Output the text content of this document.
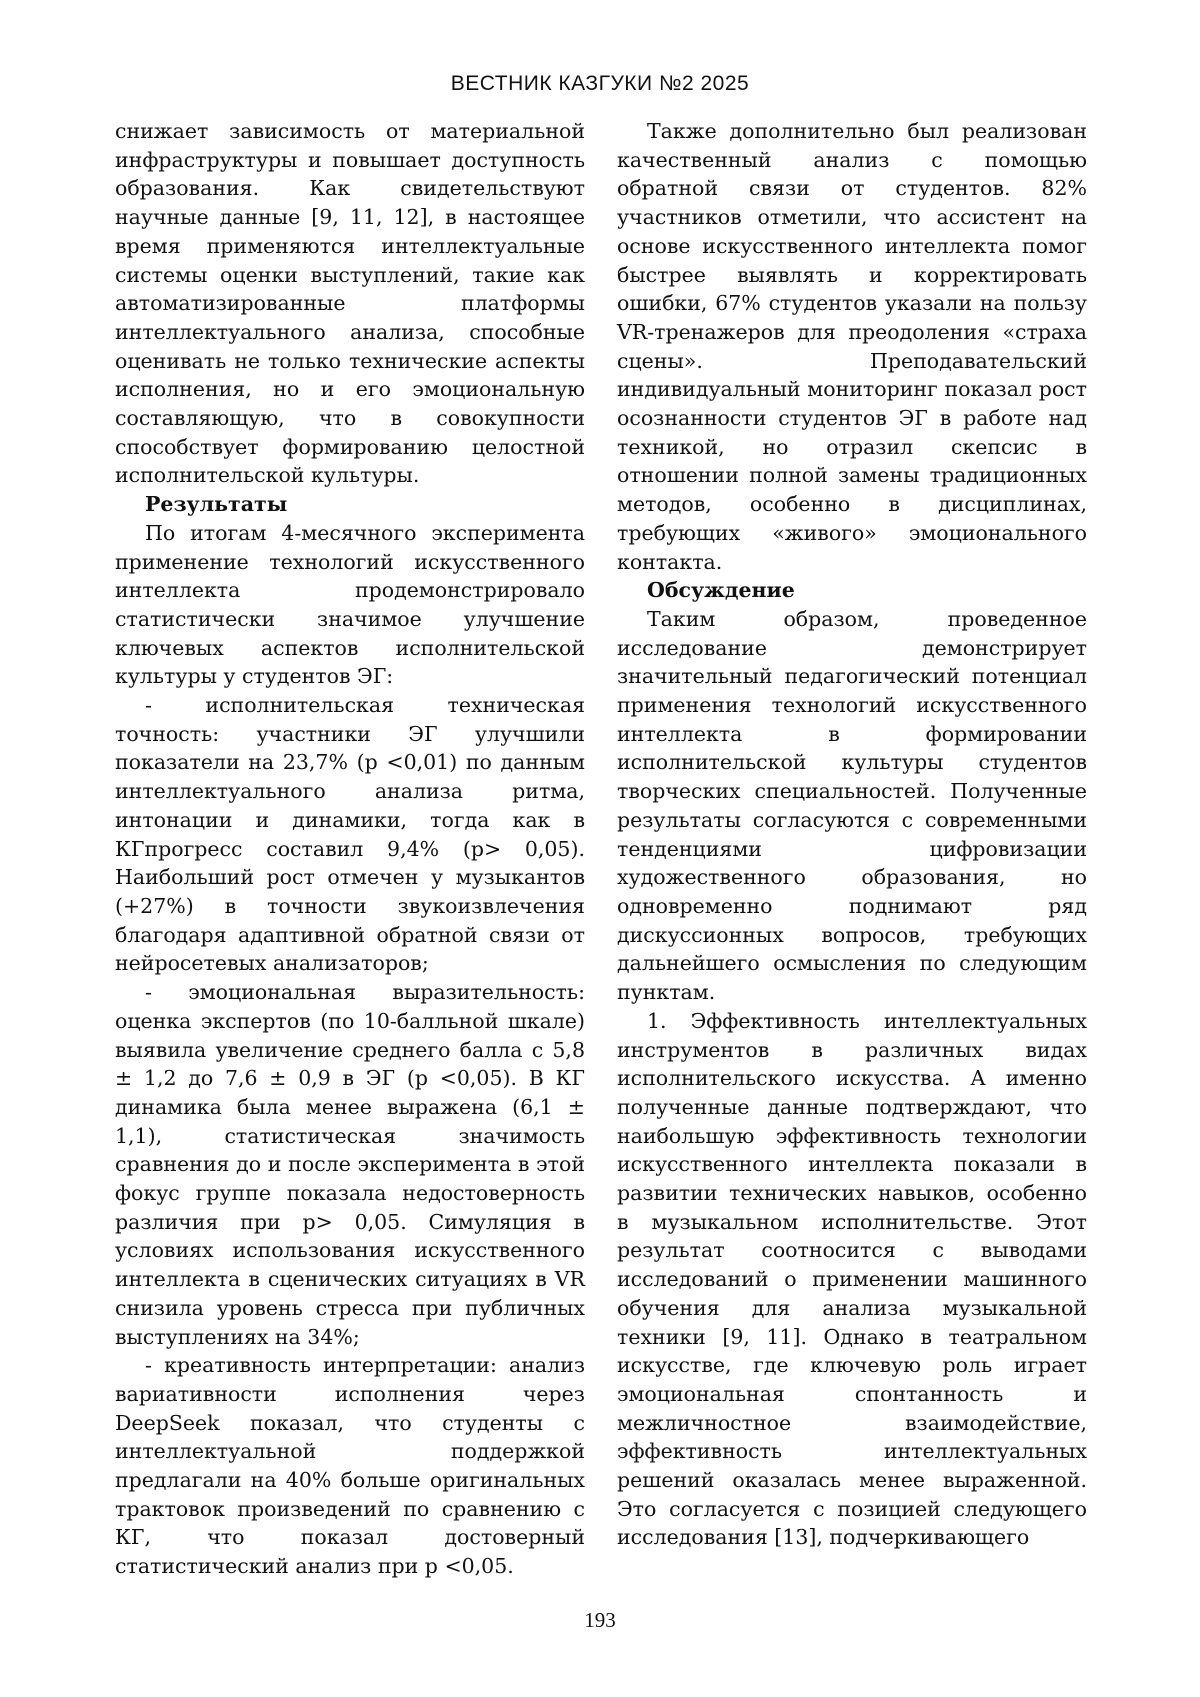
ВЕСТНИК КАЗГУКИ №2 2025

снижает зависимость от материальной инфраструктуры и повышает доступность образования. Как свидетельствуют научные данные [9, 11, 12], в настоящее время применяются интеллектуальные системы оценки выступлений, такие как автоматизированные платформы интеллектуального анализа, способные оценивать не только технические аспекты исполнения, но и его эмоциональную составляющую, что в совокупности способствует формированию целостной исполнительской культуры.

Результаты

По итогам 4-месячного эксперимента применение технологий искусственного интеллекта продемонстрировало статистически значимое улучшение ключевых аспектов исполнительской культуры у студентов ЭГ:

- исполнительская техническая точность: участники ЭГ улучшили показатели на 23,7% (p <0,01) по данным интеллектуального анализа ритма, интонации и динамики, тогда как в КГпрогресс составил 9,4% (p> 0,05). Наибольший рост отмечен у музыкантов (+27%) в точности звукоизвлечения благодаря адаптивной обратной связи от нейросетевых анализаторов;

- эмоциональная выразительность: оценка экспертов (по 10-балльной шкале) выявила увеличение среднего балла с 5,8 ± 1,2 до 7,6 ± 0,9 в ЭГ (p <0,05). В КГ динамика была менее выражена (6,1 ± 1,1), статистическая значимость сравнения до и после эксперимента в этой фокус группе показала недостоверность различия при p> 0,05. Симуляция в условиях использования искусственного интеллекта в сценических ситуациях в VR снизила уровень стресса при публичных выступлениях на 34%;

- креативность интерпретации: анализ вариативности исполнения через DeepSeek показал, что студенты с интеллектуальной поддержкой предлагали на 40% больше оригинальных трактовок произведений по сравнению с КГ, что показал достоверный статистический анализ при p <0,05.

Также дополнительно был реализован качественный анализ с помощью обратной связи от студентов. 82% участников отметили, что ассистент на основе искусственного интеллекта помог быстрее выявлять и корректировать ошибки, 67% студентов указали на пользу VR-тренажеров для преодоления «страха сцены». Преподавательский индивидуальный мониторинг показал рост осознанности студентов ЭГ в работе над техникой, но отразил скепсис в отношении полной замены традиционных методов, особенно в дисциплинах, требующих «живого» эмоционального контакта.

Обсуждение

Таким образом, проведенное исследование демонстрирует значительный педагогический потенциал применения технологий искусственного интеллекта в формировании исполнительской культуры студентов творческих специальностей. Полученные результаты согласуются с современными тенденциями цифровизации художественного образования, но одновременно поднимают ряд дискуссионных вопросов, требующих дальнейшего осмысления по следующим пунктам.

1. Эффективность интеллектуальных инструментов в различных видах исполнительского искусства. А именно полученные данные подтверждают, что наибольшую эффективность технологии искусственного интеллекта показали в развитии технических навыков, особенно в музыкальном исполнительстве. Этот результат соотносится с выводами исследований о применении машинного обучения для анализа музыкальной техники [9, 11]. Однако в театральном искусстве, где ключевую роль играет эмоциональная спонтанность и межличностное взаимодействие, эффективность интеллектуальных решений оказалась менее выраженной. Это согласуется с позицией следующего исследования [13], подчеркивающего

193
